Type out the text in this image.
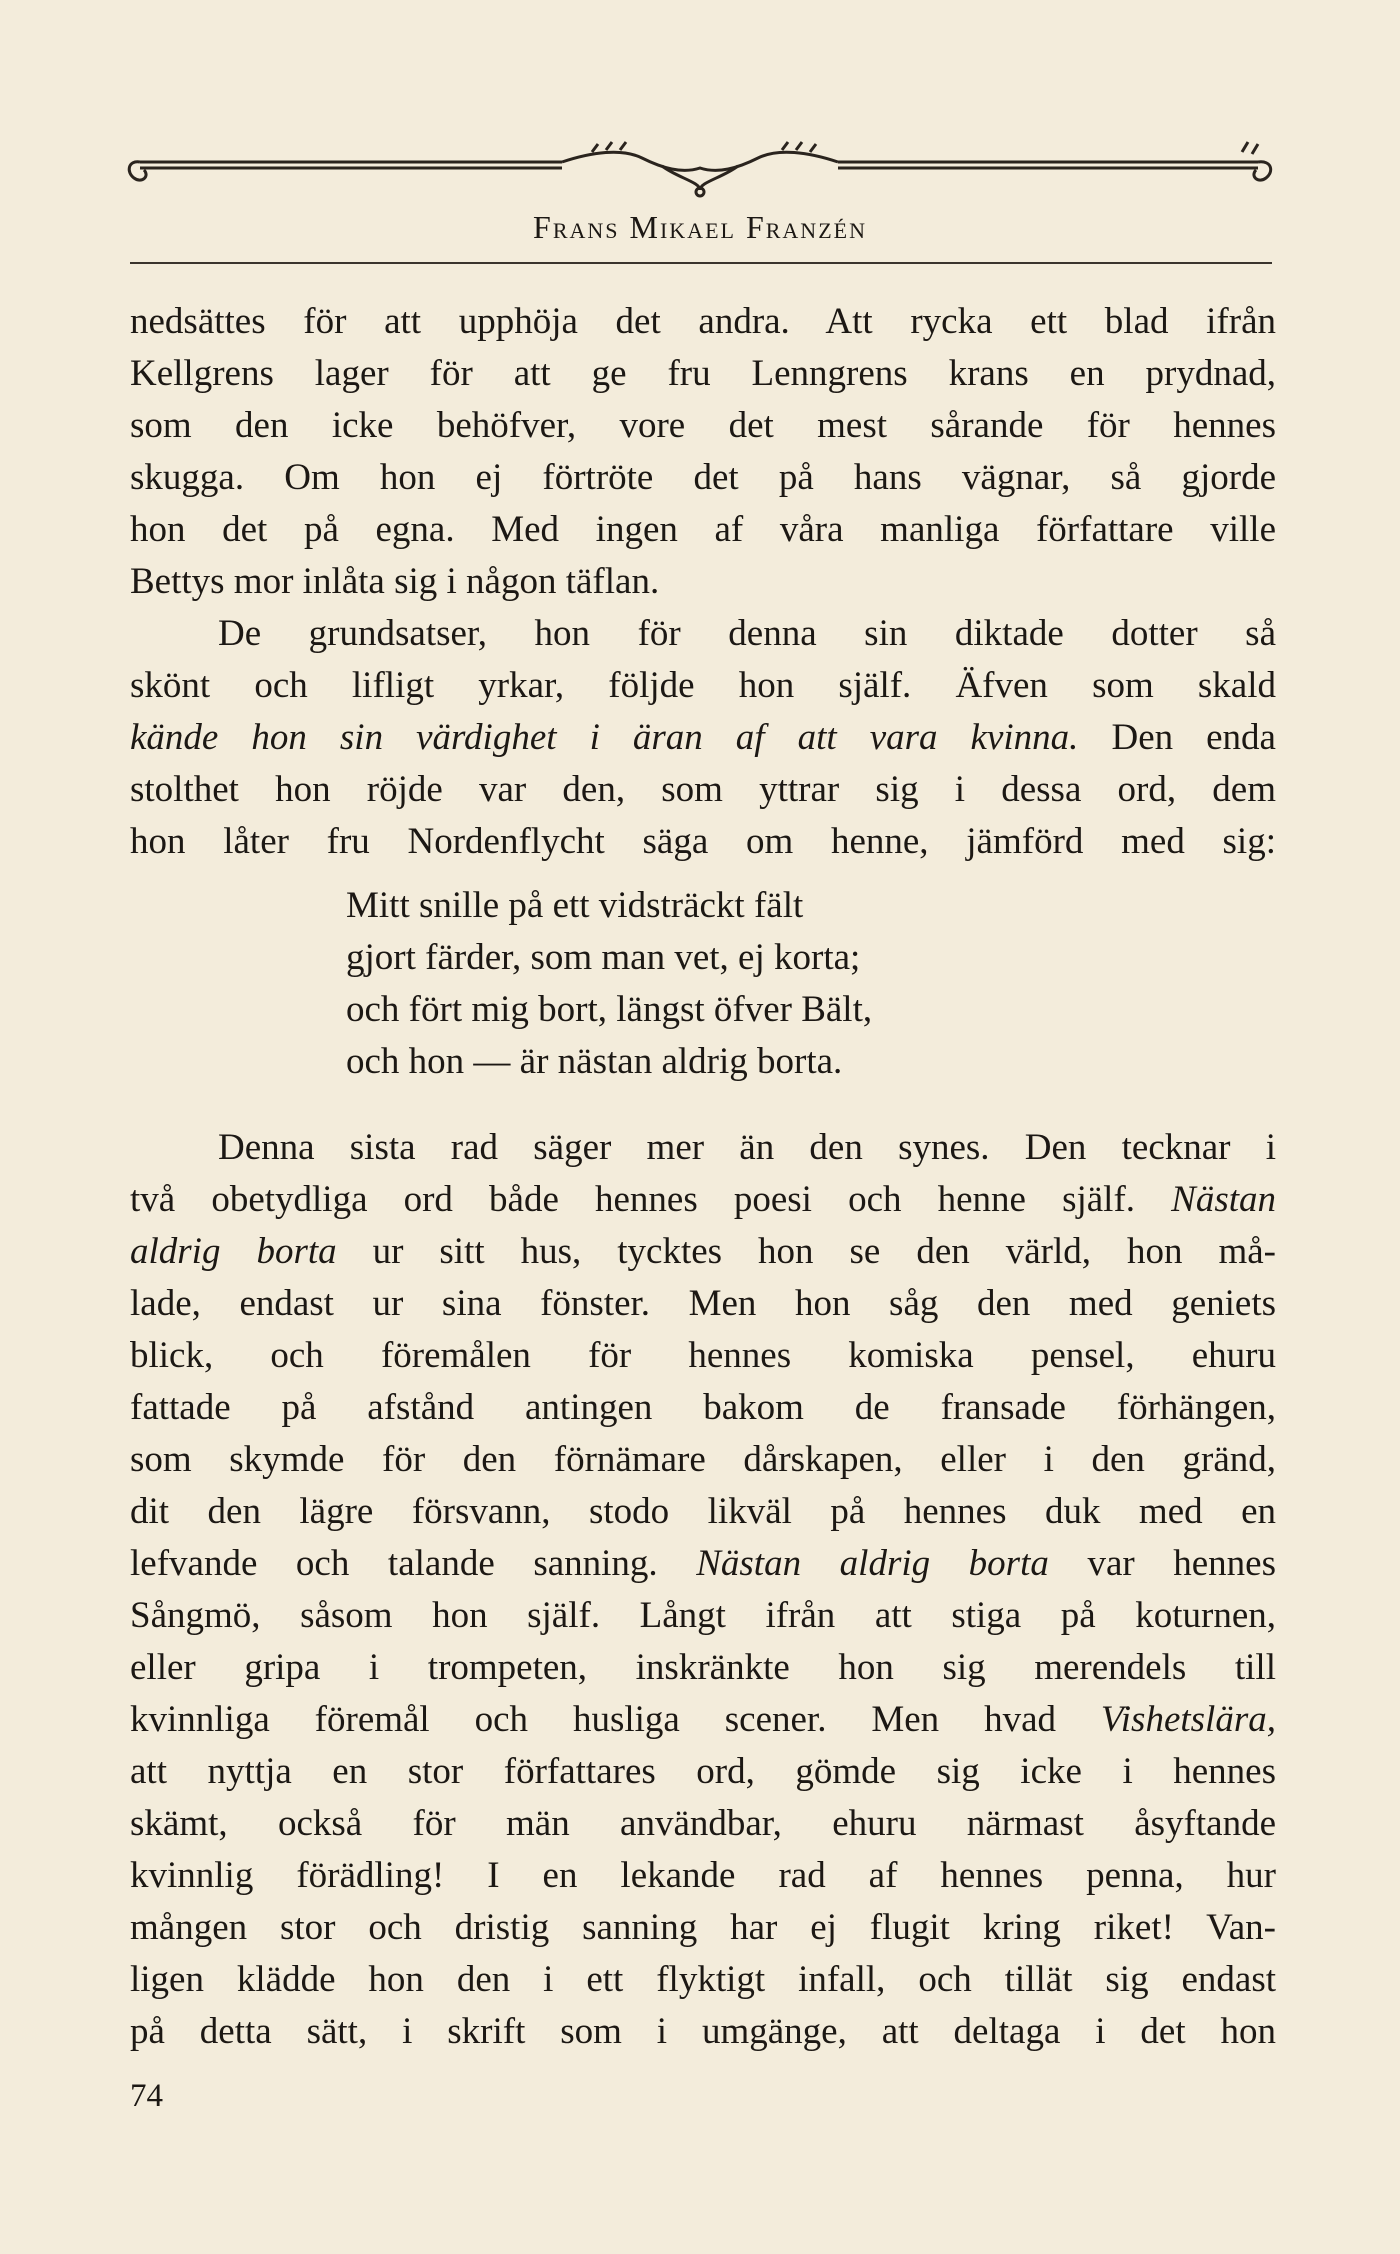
Frans Mikael Franzén
nedsättes för att upphöja det andra. Att rycka ett blad ifrån
Kellgrens lager för att ge fru Lenngrens krans en prydnad,
som den icke behöfver, vore det mest sårande för hennes
skugga. Om hon ej förtröte det på hans vägnar, så gjorde
hon det på egna. Med ingen af våra manliga författare ville
Bettys mor inlåta sig i någon täflan.
De grundsatser, hon för denna sin diktade dotter så
skönt och lifligt yrkar, följde hon själf. Äfven som skald
kände hon sin värdighet i äran af att vara kvinna. Den enda
stolthet hon röjde var den, som yttrar sig i dessa ord, dem
hon låter fru Nordenflycht säga om henne, jämförd med sig:
Mitt snille på ett vidsträckt fält
gjort färder, som man vet, ej korta;
och fört mig bort, längst öfver Bält,
och hon — är nästan aldrig borta.
Denna sista rad säger mer än den synes. Den tecknar i
två obetydliga ord både hennes poesi och henne själf. Nästan
aldrig borta ur sitt hus, tycktes hon se den värld, hon må-
lade, endast ur sina fönster. Men hon såg den med geniets
blick, och föremålen för hennes komiska pensel, ehuru
fattade på afstånd antingen bakom de fransade förhängen,
som skymde för den förnämare dårskapen, eller i den gränd,
dit den lägre försvann, stodo likväl på hennes duk med en
lefvande och talande sanning. Nästan aldrig borta var hennes
Sångmö, såsom hon själf. Långt ifrån att stiga på koturnen,
eller gripa i trompeten, inskränkte hon sig merendels till
kvinnliga föremål och husliga scener. Men hvad Vishetslära,
att nyttja en stor författares ord, gömde sig icke i hennes
skämt, också för män användbar, ehuru närmast åsyftande
kvinnlig förädling! I en lekande rad af hennes penna, hur
mången stor och dristig sanning har ej flugit kring riket! Van-
ligen klädde hon den i ett flyktigt infall, och tillät sig endast
på detta sätt, i skrift som i umgänge, att deltaga i det hon
74
